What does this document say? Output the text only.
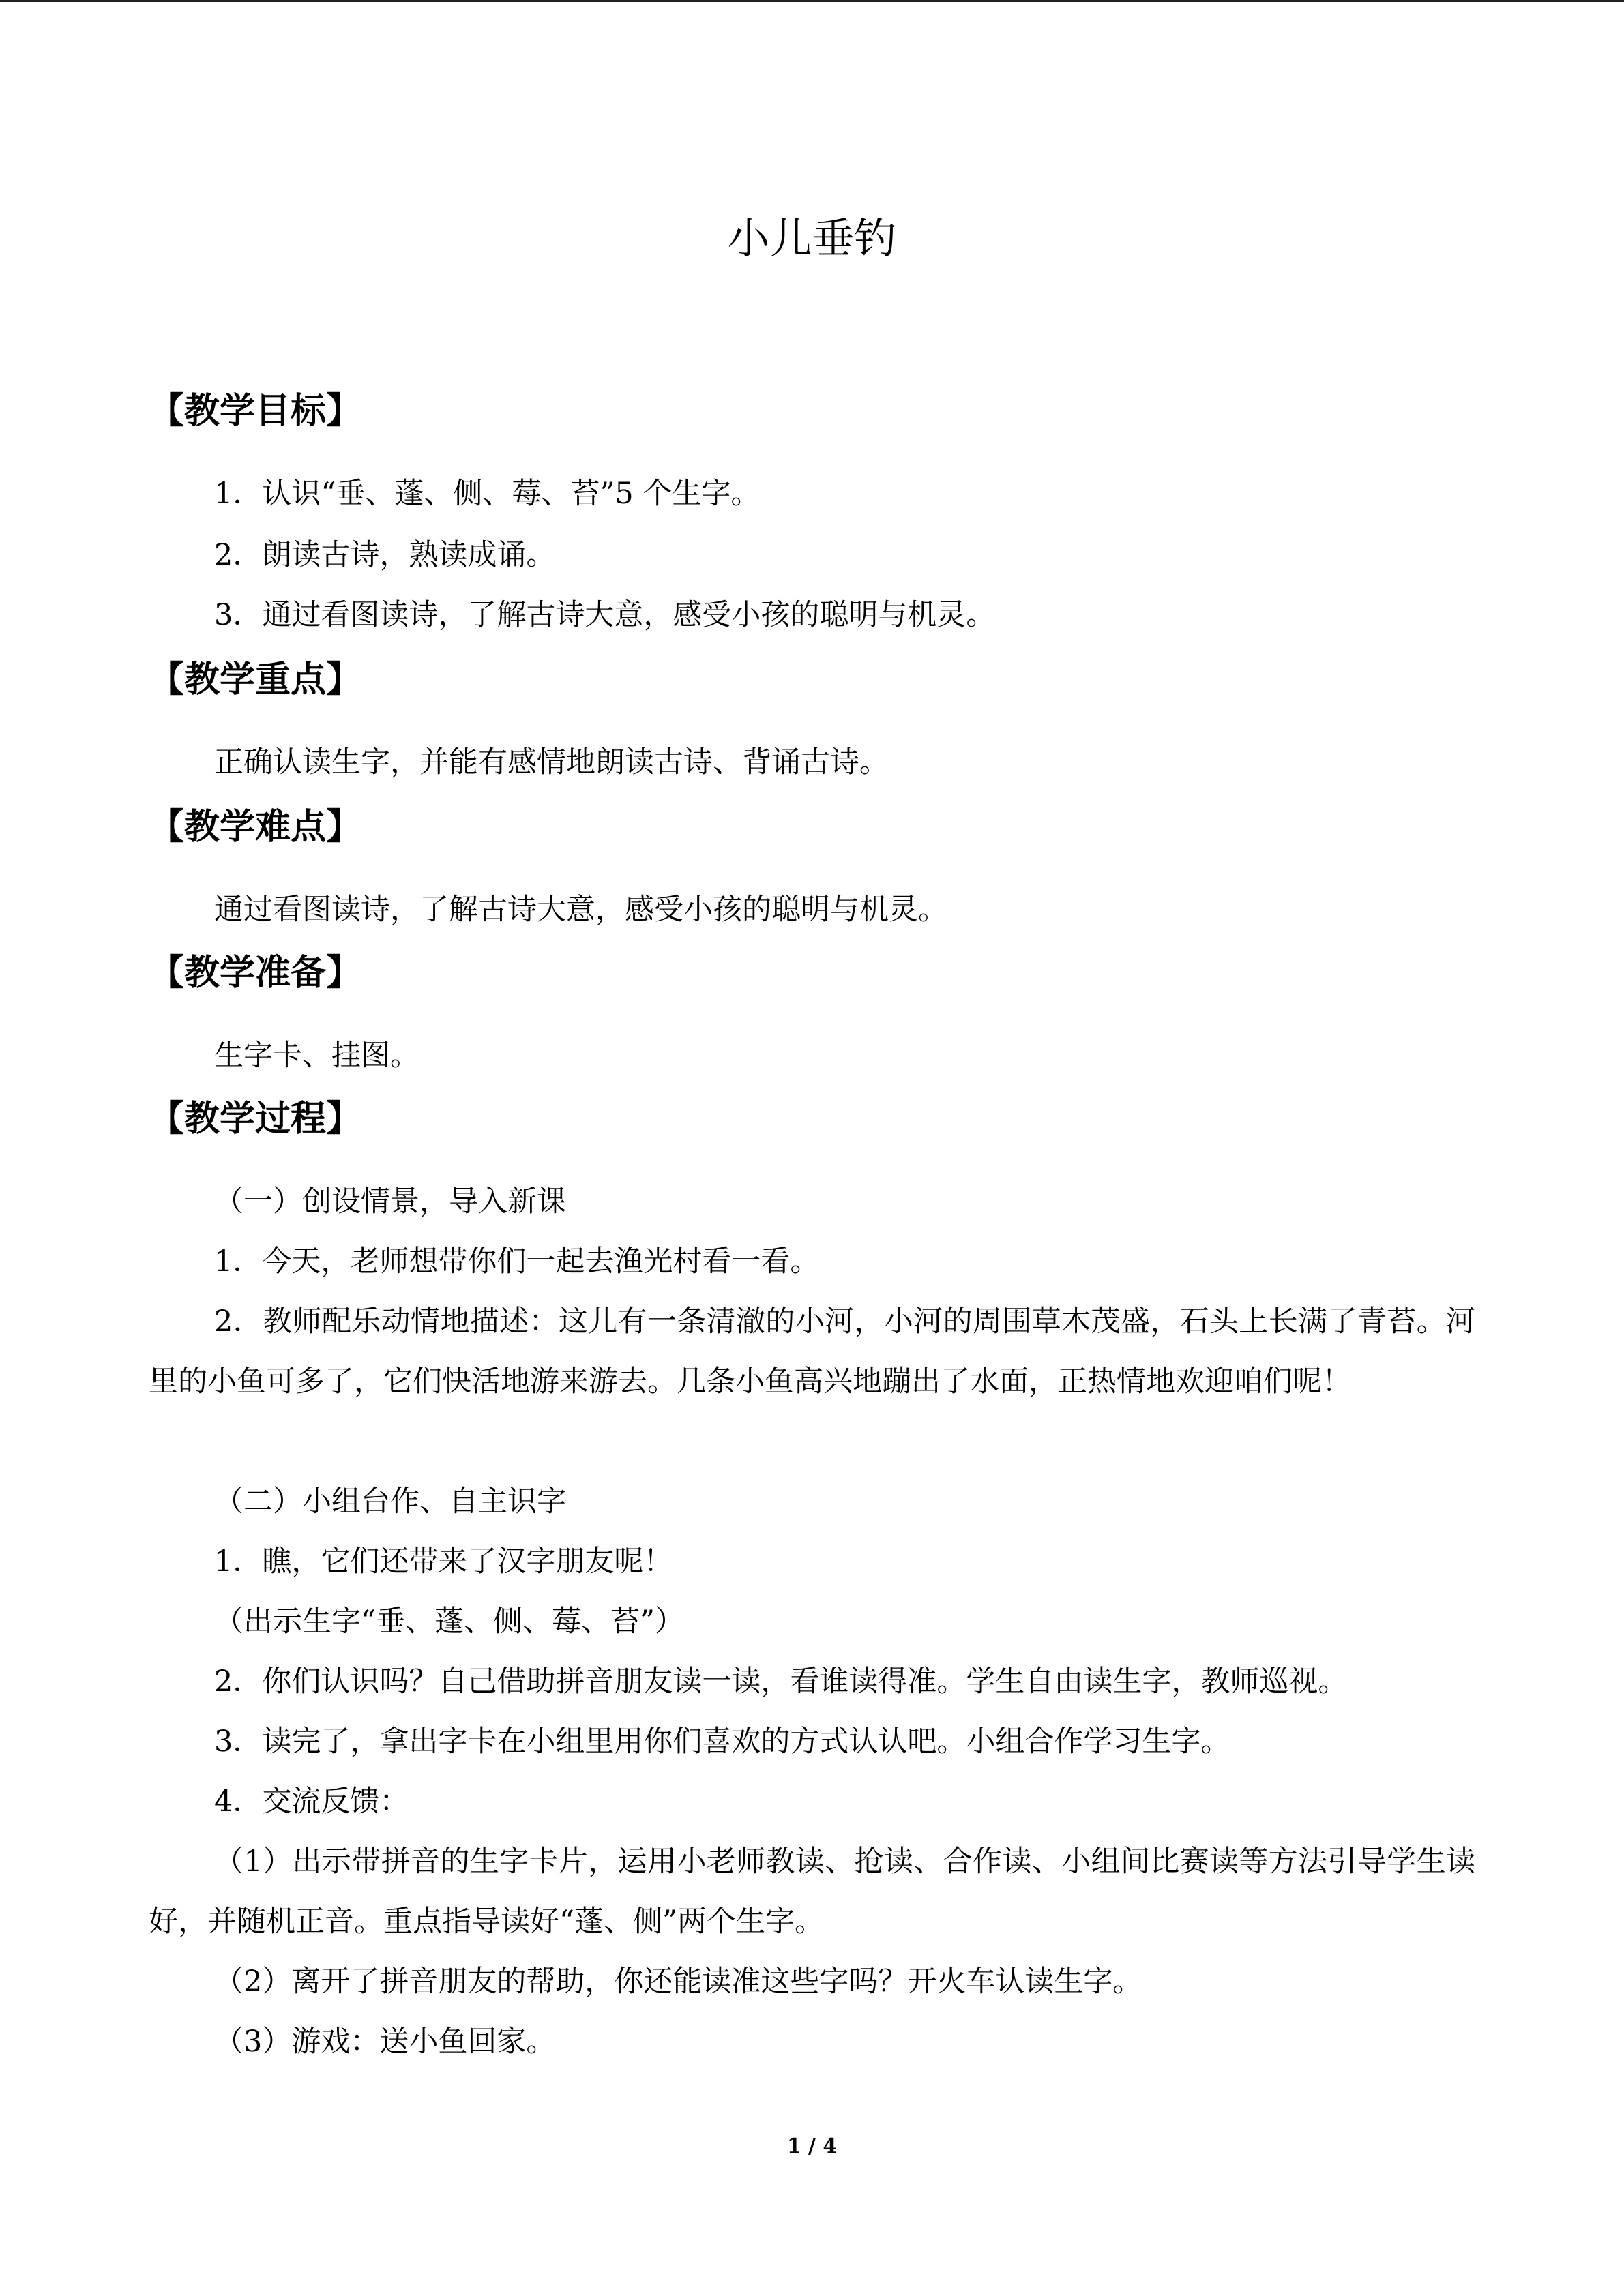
小儿垂钓
【教学目标】

1．认识“垂、蓬、侧、莓、苔”5 个生字。

2．朗读古诗，熟读成诵。

3．通过看图读诗，了解古诗大意，感受小孩的聪明与机灵。

【教学重点】

正确认读生字，并能有感情地朗读古诗、背诵古诗。

【教学难点】

通过看图读诗，了解古诗大意，感受小孩的聪明与机灵。

【教学准备】

生字卡、挂图。

【教学过程】

（一）创设情景，导入新课

1．今天，老师想带你们一起去渔光村看一看。

2．教师配乐动情地描述：这儿有一条清澈的小河，小河的周围草木茂盛，石头上长满了青苔。河里的小鱼可多了，它们快活地游来游去。几条小鱼高兴地蹦出了水面，正热情地欢迎咱们呢！

（二）小组台作、自主识字

1．瞧，它们还带来了汉字朋友呢！

（出示生字“垂、蓬、侧、莓、苔”）

2．你们认识吗？自己借助拼音朋友读一读，看谁读得准。学生自由读生字，教师巡视。

3．读完了，拿出字卡在小组里用你们喜欢的方式认认吧。小组合作学习生字。

4．交流反馈：

（1）出示带拼音的生字卡片，运用小老师教读、抢读、合作读、小组间比赛读等方法引导学生读好，并随机正音。重点指导读好“蓬、侧”两个生字。

（2）离开了拼音朋友的帮助，你还能读准这些字吗？开火车认读生字。

（3）游戏：送小鱼回家。

1 / 4
